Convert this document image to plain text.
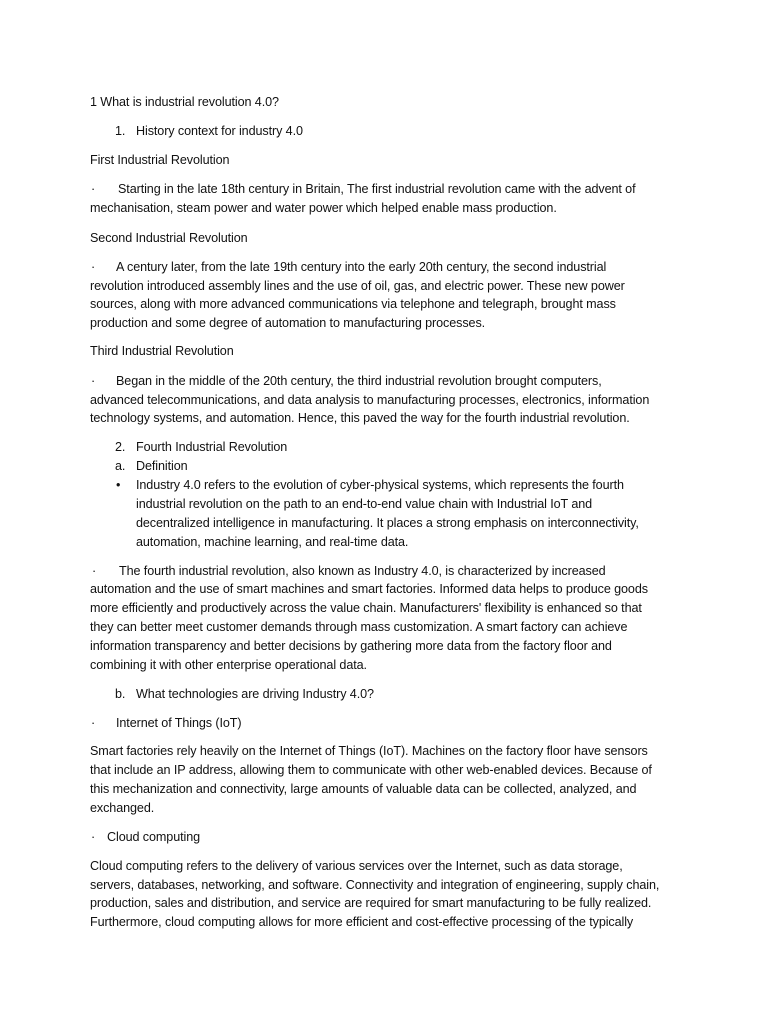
1 What is industrial revolution 4.0?
1. History context for industry 4.0
First Industrial Revolution
· Starting in the late 18th century in Britain, The first industrial revolution came with the advent of
mechanisation, steam power and water power which helped enable mass production.
Second Industrial Revolution
· A century later, from the late 19th century into the early 20th century, the second industrial
revolution introduced assembly lines and the use of oil, gas, and electric power. These new power
sources, along with more advanced communications via telephone and telegraph, brought mass
production and some degree of automation to manufacturing processes.
Third Industrial Revolution
· Began in the middle of the 20th century, the third industrial revolution brought computers,
advanced telecommunications, and data analysis to manufacturing processes, electronics, information
technology systems, and automation. Hence, this paved the way for the fourth industrial revolution.
2. Fourth Industrial Revolution
a. Definition
• Industry 4.0 refers to the evolution of cyber-physical systems, which represents the fourth
industrial revolution on the path to an end-to-end value chain with Industrial IoT and
decentralized intelligence in manufacturing. It places a strong emphasis on interconnectivity,
automation, machine learning, and real-time data.
· The fourth industrial revolution, also known as Industry 4.0, is characterized by increased
automation and the use of smart machines and smart factories. Informed data helps to produce goods
more efficiently and productively across the value chain. Manufacturers' flexibility is enhanced so that
they can better meet customer demands through mass customization. A smart factory can achieve
information transparency and better decisions by gathering more data from the factory floor and
combining it with other enterprise operational data.
b. What technologies are driving Industry 4.0?
· Internet of Things (IoT)
Smart factories rely heavily on the Internet of Things (IoT). Machines on the factory floor have sensors
that include an IP address, allowing them to communicate with other web-enabled devices. Because of
this mechanization and connectivity, large amounts of valuable data can be collected, analyzed, and
exchanged.
· Cloud computing
Cloud computing refers to the delivery of various services over the Internet, such as data storage,
servers, databases, networking, and software. Connectivity and integration of engineering, supply chain,
production, sales and distribution, and service are required for smart manufacturing to be fully realized.
Furthermore, cloud computing allows for more efficient and cost-effective processing of the typically
